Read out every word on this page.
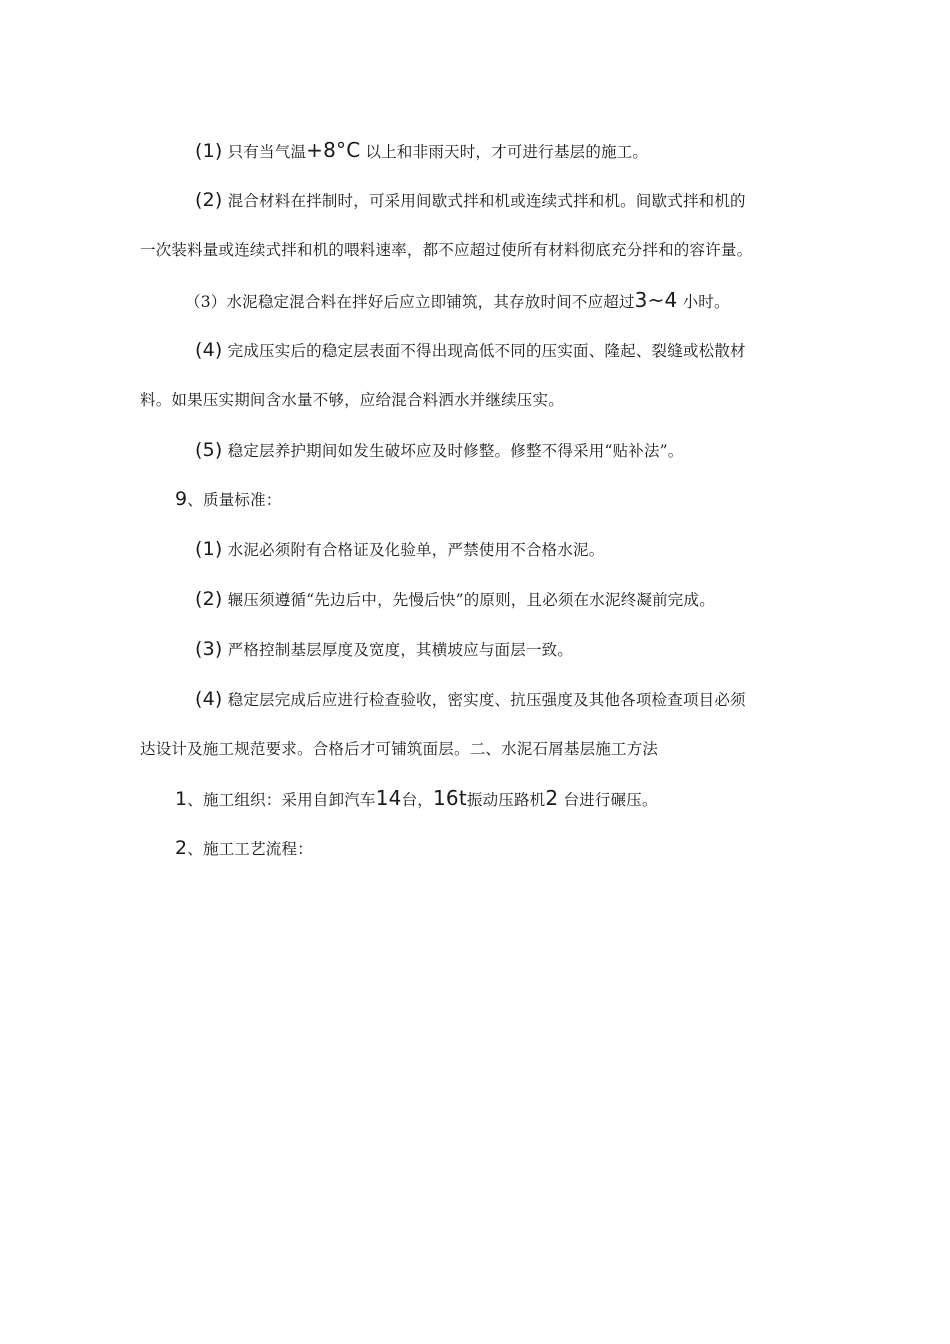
(1) 只有当气温+8°C 以上和非雨天时，才可进行基层的施工。
(2) 混合材料在拌制时，可采用间歇式拌和机或连续式拌和机。间歇式拌和机的
一次装料量或连续式拌和机的喂料速率，都不应超过使所有材料彻底充分拌和的容许量。
（3）水泥稳定混合料在拌好后应立即铺筑，其存放时间不应超过3~4 小时。
(4) 完成压实后的稳定层表面不得出现高低不同的压实面、隆起、裂缝或松散材
料。如果压实期间含水量不够，应给混合料洒水并继续压实。
(5) 稳定层养护期间如发生破坏应及时修整。修整不得采用“贴补法”。
9、质量标准：
(1) 水泥必须附有合格证及化验单，严禁使用不合格水泥。
(2) 辗压须遵循“先边后中，先慢后快”的原则，且必须在水泥终凝前完成。
(3) 严格控制基层厚度及宽度，其横坡应与面层一致。
(4) 稳定层完成后应进行检查验收，密实度、抗压强度及其他各项检查项目必须
达设计及施工规范要求。合格后才可铺筑面层。二、水泥石屑基层施工方法
1、施工组织：采用自卸汽车14台，16t振动压路机2 台进行碾压。
2、施工工艺流程：
